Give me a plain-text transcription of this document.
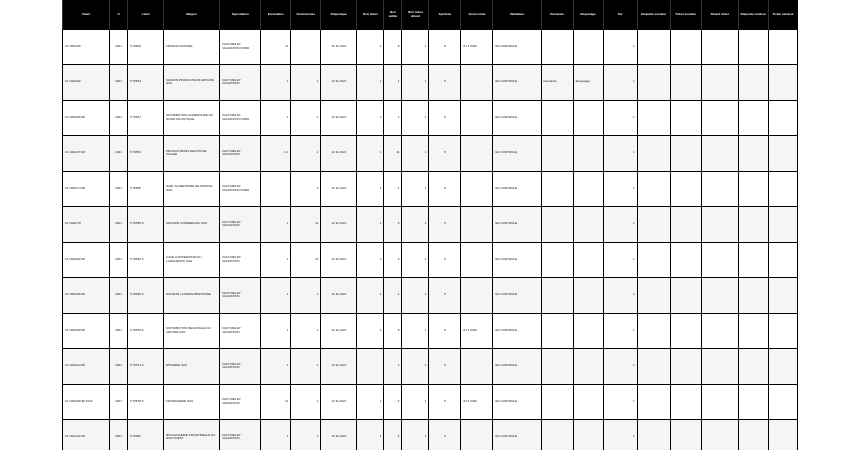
Client	Yr	Label	Mapper	Speculation	Ecrasables	Scalonneries	Etiquetique	Noir ticket	Noir valide	Noir ticket dinard	Symbole	Vente totale	Validateur	Demande	Etiquetage	Tax	Etiquette vendeur	Ticket vendeur	Dinard ticket	Etiquette vendeur	Ticket vendeur
10 1040x56	2021	5 76540	FRANCE NATUREL	FACTURE ET VALIDATION NORD	11		12 11 2021	1	5	1	5	8 17 2030	EN CONTROLE			1					
10 1040x62	2021	5 76544	MAISON PRODUCTEUR GROUPE SAS	FACTURE ET VALIDATION	1	1	12 11 2021	1	1	1	5		EN CONTROLE	Demande	Etiquetage	1					
10 1040x66 98	2021	5 76547	DISTRIBUTION ALIMENTAIRE DU NORD ATLANTIQUE	FACTURE ET VALIDATION NORD	1	1	12 11 2021	1	1	1	5		EN CONTROLE			1					
10 1040x70 98	2021	5 76551	PRODUCTEURS REUNIS DE VALLEE	FACTURE ET VALIDATION	1 1	1	12 11 2021	1	11	1	5		EN CONTROLE			1					
10 1040x74 98	2021	5 76555	SARL ALIMENTAIRE DE FRANCE SUD	FACTURE ET VALIDATION NORD		1	12 11 2021	1	1	1	5		EN CONTROLE			1					
10 1040x78	2021	5 76558 9	GROUPE COMMERCIAL SAS	FACTURE ET VALIDATION	1	11	12 11 2021	1	5	1	5		EN CONTROLE			1					
10 1040x82 98	2021	5 76562 9	CAVE COOPERATIVE DU LANGUEDOC SAS	FACTURE ET VALIDATION	1	11	12 11 2021	1	2	1	5		EN CONTROLE			1					
10 1040x86 98	2021	5 76566 9	SOCIETE LAITIERE BRETONNE	FACTURE ET VALIDATION	1	1	12 11 2021	1	4	1	5		EN CONTROLE			1					
10 1040x90 98	2021	5 76570 9	DISTRIBUTION REGIONALE DU CENTRE SAS	FACTURE ET VALIDATION	1	1	12 11 2021	1	5	1	5	8 17 2030	EN CONTROLE			1					
10 1040x94 98	2021	5 76574 9	EPICERIE SAS	FACTURE ET VALIDATION	1	1	12 11 2021		1	1	5		EN CONTROLE			1					
10 1040x98 98 1040	2021	5 76578 9	FROMAGERIE SAS	FACTURE ET VALIDATION	11	1	12 11 2021	1	4	1	5	8 17 2030	EN CONTROLE			1					
10 1041x02 98	2021	5 76582	BOULANGERIE INDUSTRIELLE DU SUD OUEST	FACTURE ET VALIDATION	1	1	12 11 2021	1	5	1	5		EN CONTROLE			1					
